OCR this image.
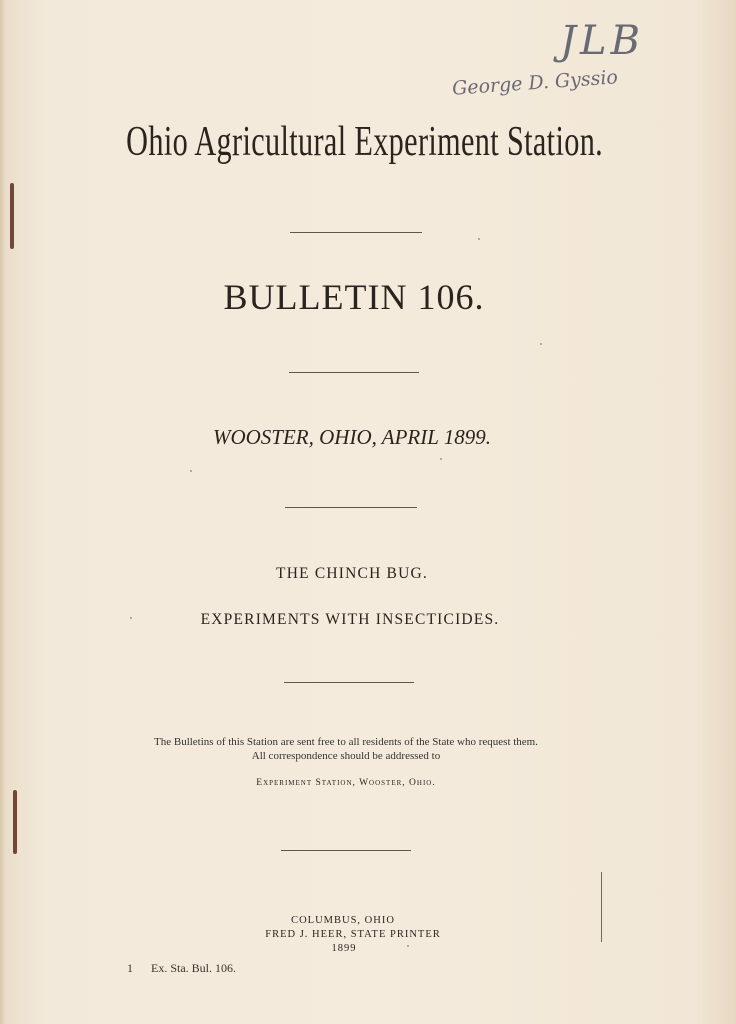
JLB
George D. Gyssio
Ohio Agricultural Experiment Station.
BULLETIN 106.
WOOSTER, OHIO, APRIL 1899.
THE CHINCH BUG.
EXPERIMENTS WITH INSECTICIDES.
The Bulletins of this Station are sent free to all residents of the State who request them.
All correspondence should be addressed to
Experiment Station, Wooster, Ohio.
COLUMBUS, OHIO
FRED J. HEER, STATE PRINTER
1899
1 Ex. Sta. Bul. 106.
